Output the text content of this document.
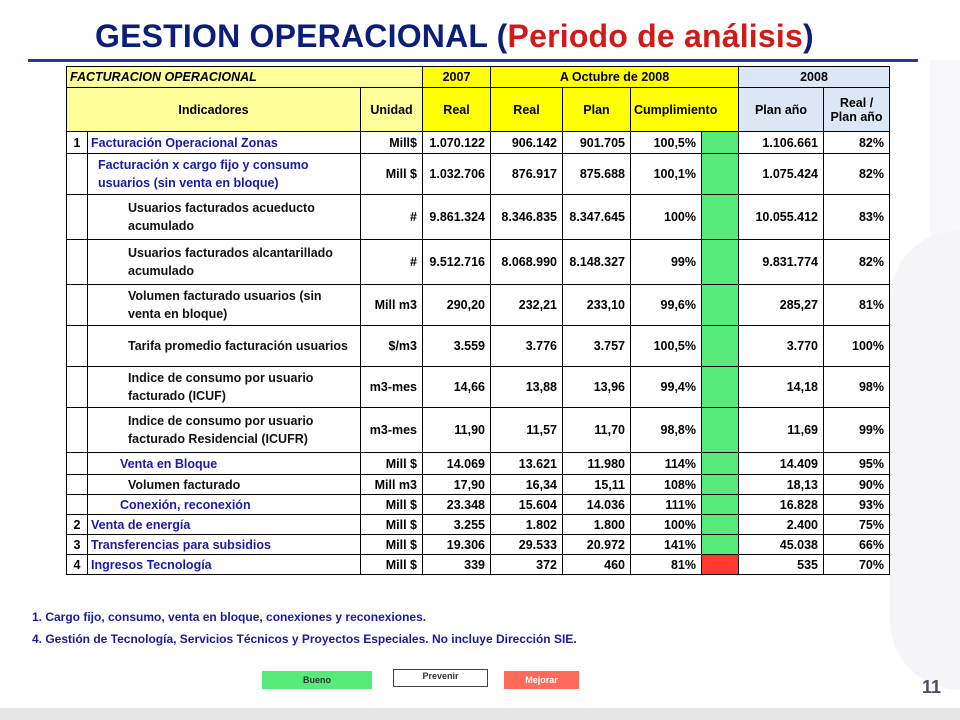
GESTION OPERACIONAL (Periodo de análisis)
FACTURACION OPERACIONAL			2007	A Octubre de 2008				2008	
Indicadores		Unidad	Real	Real	Plan	Cumplimiento		Plan año	Real / Plan año
1	Facturación Operacional Zonas	Mill$	1.070.122	906.142	901.705	100,5%		1.106.661	82%
	Facturación x cargo fijo y consumo usuarios (sin venta en bloque)	Mill $	1.032.706	876.917	875.688	100,1%		1.075.424	82%
	Usuarios facturados acueducto acumulado	#	9.861.324	8.346.835	8.347.645	100%		10.055.412	83%
	Usuarios facturados alcantarillado acumulado	#	9.512.716	8.068.990	8.148.327	99%		9.831.774	82%
	Volumen facturado usuarios (sin venta en bloque)	Mill m3	290,20	232,21	233,10	99,6%		285,27	81%
	Tarifa promedio facturación usuarios	$/m3	3.559	3.776	3.757	100,5%		3.770	100%
	Indice de consumo por usuario facturado (ICUF)	m3-mes	14,66	13,88	13,96	99,4%		14,18	98%
	Indice de consumo por usuario facturado Residencial (ICUFR)	m3-mes	11,90	11,57	11,70	98,8%		11,69	99%
	Venta en Bloque	Mill $	14.069	13.621	11.980	114%		14.409	95%
	Volumen facturado	Mill m3	17,90	16,34	15,11	108%		18,13	90%
	Conexión, reconexión	Mill $	23.348	15.604	14.036	111%		16.828	93%
2	Venta de energía	Mill $	3.255	1.802	1.800	100%		2.400	75%
3	Transferencias para subsidios	Mill $	19.306	29.533	20.972	141%		45.038	66%
4	Ingresos Tecnología	Mill $	339	372	460	81%		535	70%
1. Cargo fijo, consumo, venta en bloque, conexiones y reconexiones.
4. Gestión de Tecnología, Servicios Técnicos y Proyectos Especiales. No incluye Dirección SIE.
Bueno	Prevenir	Mejorar	11
